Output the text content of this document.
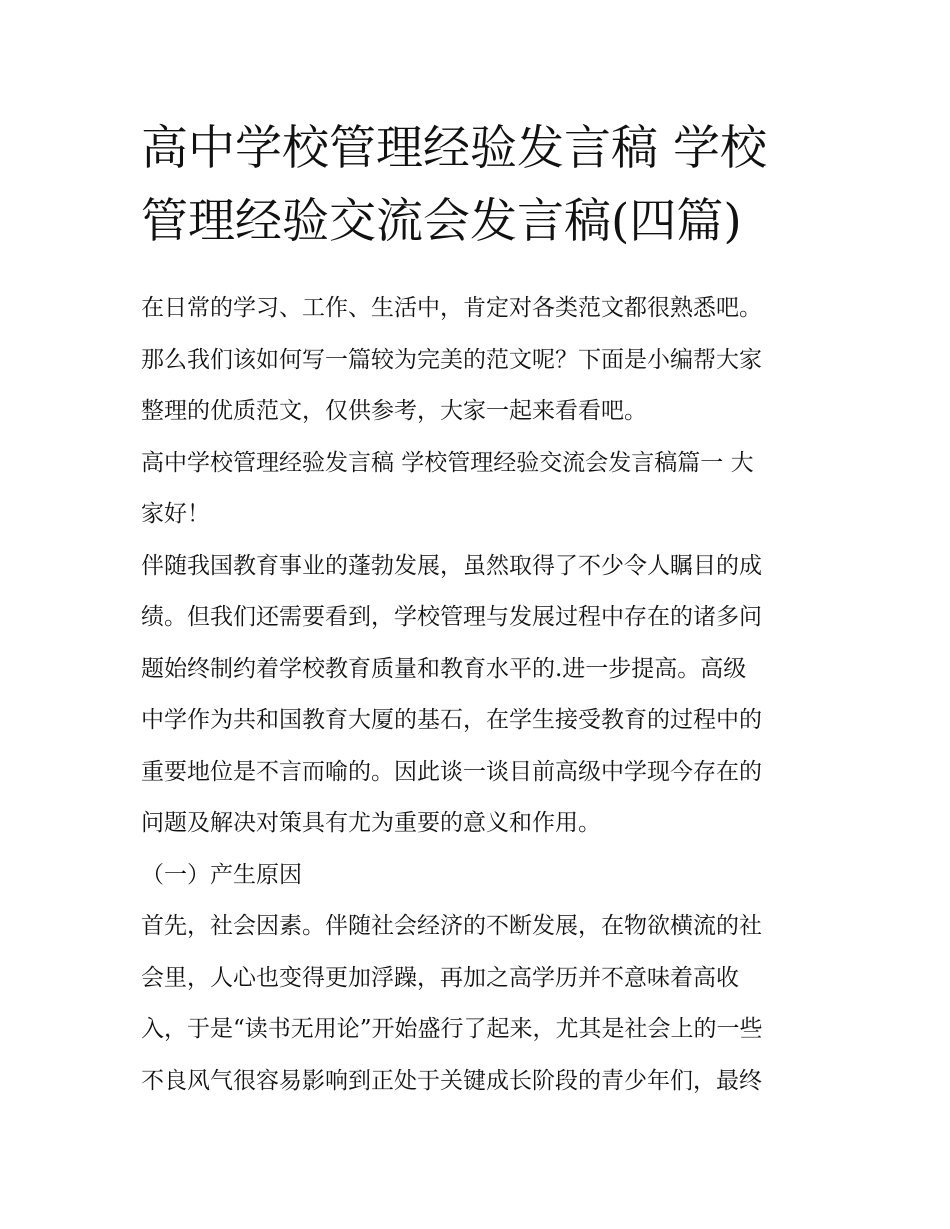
高中学校管理经验发言稿 学校
管理经验交流会发言稿(四篇)

在日常的学习、工作、生活中，肯定对各类范文都很熟悉吧。
那么我们该如何写一篇较为完美的范文呢？下面是小编帮大家
整理的优质范文，仅供参考，大家一起来看看吧。

高中学校管理经验发言稿 学校管理经验交流会发言稿篇一 大
家好！

伴随我国教育事业的蓬勃发展，虽然取得了不少令人瞩目的成
绩。但我们还需要看到，学校管理与发展过程中存在的诸多问
题始终制约着学校教育质量和教育水平的.进一步提高。高级
中学作为共和国教育大厦的基石，在学生接受教育的过程中的
重要地位是不言而喻的。因此谈一谈目前高级中学现今存在的
问题及解决对策具有尤为重要的意义和作用。

（一）产生原因

首先，社会因素。伴随社会经济的不断发展，在物欲横流的社
会里，人心也变得更加浮躁，再加之高学历并不意味着高收
入，于是“读书无用论”开始盛行了起来，尤其是社会上的一些
不良风气很容易影响到正处于关键成长阶段的青少年们，最终
